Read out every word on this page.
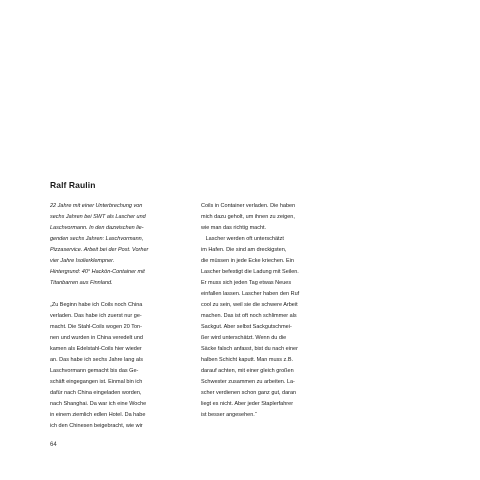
Ralf Raulin
22 Jahre mit einer Unterbrechung von
sechs Jahren bei SWT als Lascher und
Laschvormann. In den dazwischen lie-
genden sechs Jahren: Laschvormann,
Pizzaservice. Arbeit bei der Post. Vorher
vier Jahre Isolierklempner.
Hintergrund: 40° Hackön-Container mit
Titanbarren aus Finnland.
„Zu Beginn habe ich Coils noch China
verladen. Das habe ich zuerst nur ge-
macht. Die Stahl-Coils wogen 20 Ton-
nen und wurden in China veredelt und
kamen als Edelstahl-Coils hier wieder
an. Das habe ich sechs Jahre lang als
Laschvormann gemacht bis das Ge-
schäft eingegangen ist. Einmal bin ich
dafür nach China eingeladen worden,
nach Shanghai. Da war ich eine Woche
in einem ziemlich edlen Hotel. Da habe
ich den Chinesen beigebracht, wie wir
Coils in Container verladen. Die haben
mich dazu geholt, um ihnen zu zeigen,
wie man das richtig macht.
Lascher werden oft unterschätzt
im Hafen. Die sind am dreckigsten,
die müssen in jede Ecke kriechen. Ein
Lascher befestigt die Ladung mit Seilen.
Er muss sich jeden Tag etwas Neues
einfallen lassen. Lascher haben den Ruf
cool zu sein, weil sie die schwere Arbeit
machen. Das ist oft noch schlimmer als
Sackgut. Aber selbst Sackgutschmei-
ßer wird unterschätzt. Wenn du die
Säcke falsch anfasst, bist du nach einer
halben Schicht kaputt. Man muss z.B.
darauf achten, mit einer gleich großen
Schwester zusammen zu arbeiten. La-
scher verdienen schon ganz gut, daran
liegt es nicht. Aber jeder Staplerfahrer
ist besser angesehen.“
64
